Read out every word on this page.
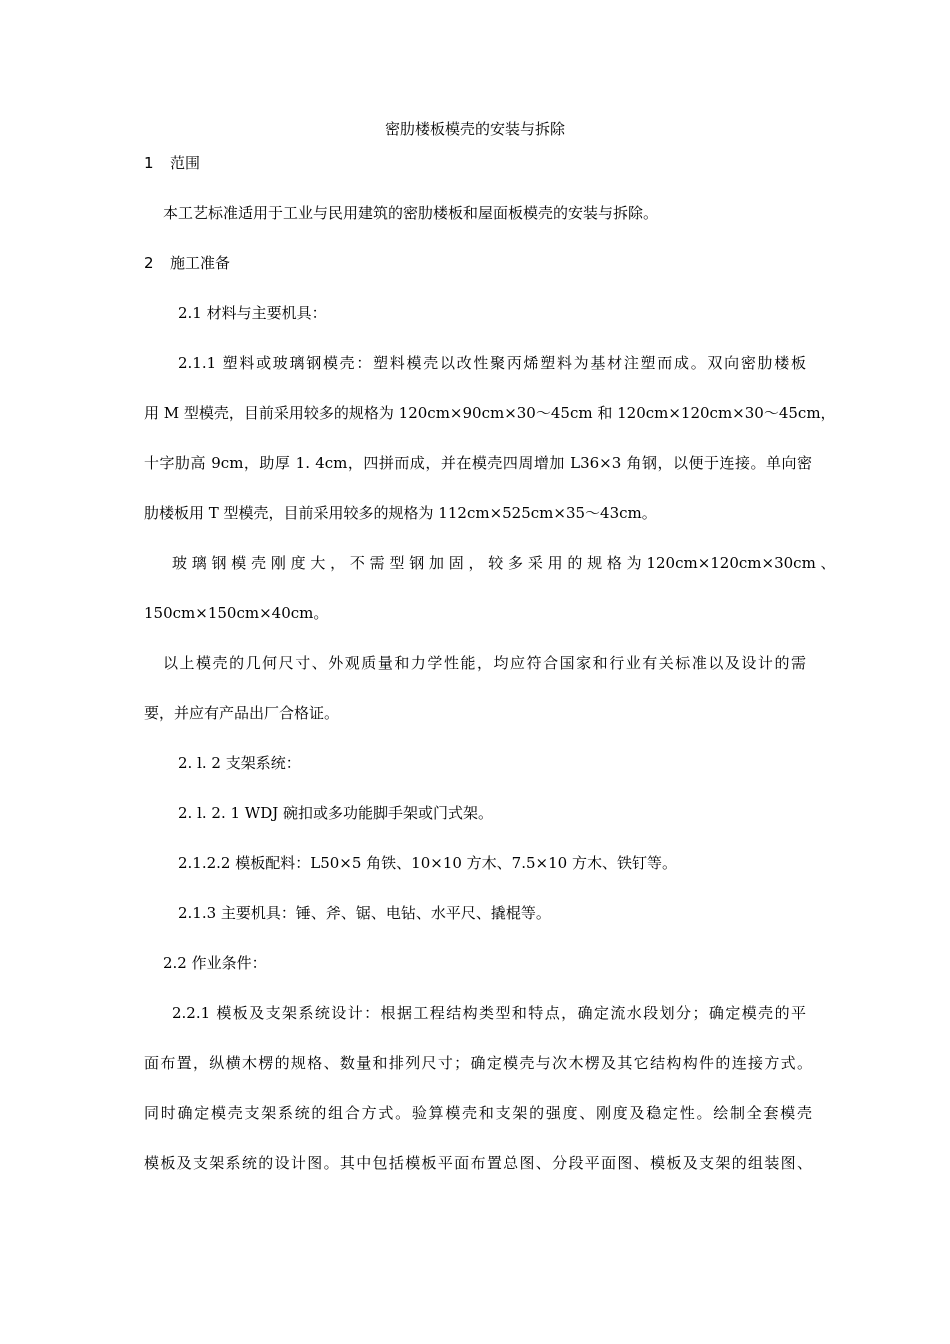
密肋楼板模壳的安装与拆除
1 范围
本工艺标准适用于工业与民用建筑的密肋楼板和屋面板模壳的安装与拆除。
2 施工准备
2.1 材料与主要机具：
2.1.1 塑料或玻璃钢模壳：塑料模壳以改性聚丙烯塑料为基材注塑而成。双向密肋楼板
用 M 型模壳，目前采用较多的规格为 120cm×90cm×30～45cm 和 120cm×120cm×30～45cm，
十字肋高 9cm，助厚 1. 4cm，四拼而成，并在模壳四周增加 L36×3 角钢，以便于连接。单向密
肋楼板用 T 型模壳，目前采用较多的规格为 112cm×525cm×35～43cm。
玻 璃 钢 模 壳 刚 度 大 ， 不 需 型 钢 加 固 ， 较 多 采 用 的 规 格 为 120cm×120cm×30cm 、
150cm×150cm×40cm。
以上模壳的几何尺寸、外观质量和力学性能，均应符合国家和行业有关标准以及设计的需
要，并应有产品出厂合格证。
2. l. 2 支架系统：
2. l. 2. 1 WDJ 碗扣或多功能脚手架或门式架。
2.1.2.2 模板配料：L50×5 角铁、10×10 方木、7.5×10 方木、铁钉等。
2.1.3 主要机具：锤、斧、锯、电钻、水平尺、撬棍等。
2.2 作业条件：
2.2.1 模板及支架系统设计：根据工程结构类型和特点，确定流水段划分；确定模壳的平
面布置，纵横木楞的规格、数量和排列尺寸；确定模壳与次木楞及其它结构构件的连接方式。
同时确定模壳支架系统的组合方式。验算模壳和支架的强度、刚度及稳定性。绘制全套模壳
模板及支架系统的设计图。其中包括模板平面布置总图、分段平面图、模板及支架的组装图、
